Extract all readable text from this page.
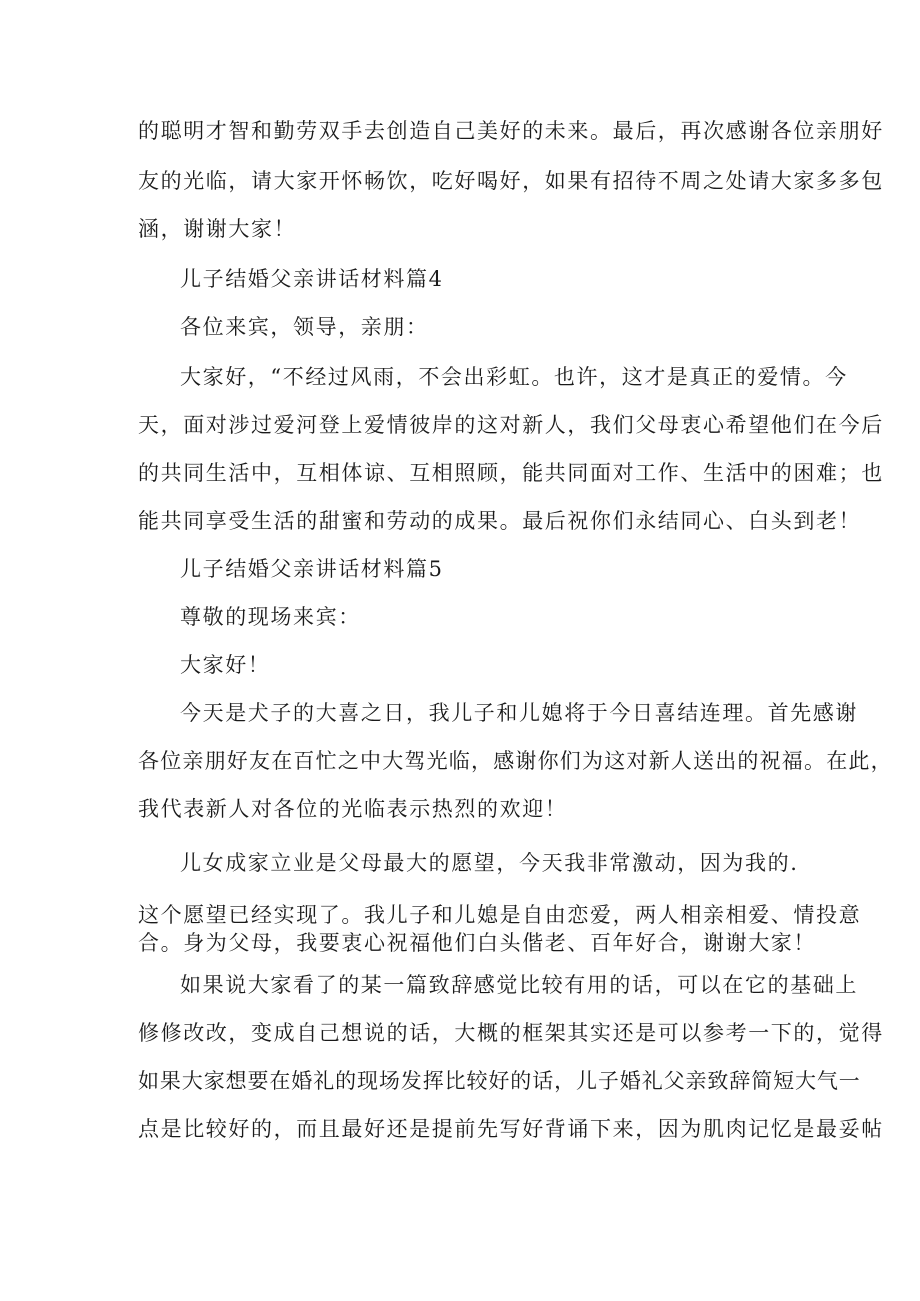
的聪明才智和勤劳双手去创造自己美好的未来。最后，再次感谢各位亲朋好
友的光临，请大家开怀畅饮，吃好喝好，如果有招待不周之处请大家多多包
涵，谢谢大家！
儿子结婚父亲讲话材料篇4
各位来宾，领导，亲朋：
大家好，“不经过风雨，不会出彩虹。也许，这才是真正的爱情。今
天，面对涉过爱河登上爱情彼岸的这对新人，我们父母衷心希望他们在今后
的共同生活中，互相体谅、互相照顾，能共同面对工作、生活中的困难；也
能共同享受生活的甜蜜和劳动的成果。最后祝你们永结同心、白头到老！
儿子结婚父亲讲话材料篇5
尊敬的现场来宾：
大家好！
今天是犬子的大喜之日，我儿子和儿媳将于今日喜结连理。首先感谢
各位亲朋好友在百忙之中大驾光临，感谢你们为这对新人送出的祝福。在此，
我代表新人对各位的光临表示热烈的欢迎！
儿女成家立业是父母最大的愿望，今天我非常激动，因为我的.
这个愿望已经实现了。我儿子和儿媳是自由恋爱，两人相亲相爱、情投意
合。身为父母，我要衷心祝福他们白头偕老、百年好合，谢谢大家！
如果说大家看了的某一篇致辞感觉比较有用的话，可以在它的基础上
修修改改，变成自己想说的话，大概的框架其实还是可以参考一下的，觉得
如果大家想要在婚礼的现场发挥比较好的话，儿子婚礼父亲致辞简短大气一
点是比较好的，而且最好还是提前先写好背诵下来，因为肌肉记忆是最妥帖
